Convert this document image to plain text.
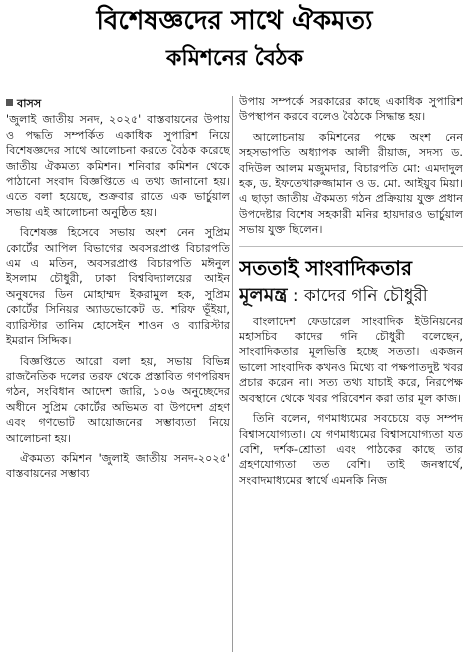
বিশেষজ্ঞদের সাথে ঐকমত্য
কমিশনের বৈঠক
বাসস

'জুলাই জাতীয় সনদ, ২০২৫' বাস্তবায়নের উপায় ও পদ্ধতি সম্পর্কিত একাধিক সুপারিশ নিয়ে বিশেষজ্ঞদের সাথে আলোচনা করতে বৈঠক করেছে জাতীয় ঐকমত্য কমিশন। শনিবার কমিশন থেকে পাঠানো সংবাদ বিজ্ঞপ্তিতে এ তথ্য জানানো হয়। এতে বলা হয়েছে, শুক্রবার রাতে এক ভার্চুয়াল সভায় এই আলোচনা অনুষ্ঠিত হয়।

বিশেষজ্ঞ হিসেবে সভায় অংশ নেন সুপ্রিম কোর্টের আপিল বিভাগের অবসরপ্রাপ্ত বিচারপতি এম এ মতিন, অবসরপ্রাপ্ত বিচারপতি মঈনুল ইসলাম চৌধুরী, ঢাকা বিশ্ববিদ্যালয়ের আইন অনুষদের ডিন মোহাম্মদ ইকরামুল হক, সুপ্রিম কোর্টের সিনিয়র অ্যাডভোকেট ড. শরিফ ভূঁইয়া, ব্যারিস্টার তানিম হোসেইন শাওন ও ব্যারিস্টার ইমরান সিদ্দিক।

বিজ্ঞপ্তিতে আরো বলা হয়, সভায় বিভিন্ন রাজনৈতিক দলের তরফ থেকে প্রস্তাবিত গণপরিষদ গঠন, সংবিধান আদেশ জারি, ১০৬ অনুচ্ছেদের অধীনে সুপ্রিম কোর্টের অভিমত বা উপদেশ গ্রহণ এবং গণভোট আয়োজনের সম্ভাব্যতা নিয়ে আলোচনা হয়।

ঐকমত্য কমিশন 'জুলাই জাতীয় সনদ-২০২৫' বাস্তবায়নের সম্ভাব্য

উপায় সম্পর্কে সরকারের কাছে একাধিক সুপারিশ উপস্থাপন করবে বলেও বৈঠকে সিদ্ধান্ত হয়।

আলোচনায় কমিশনের পক্ষে অংশ নেন সহসভাপতি অধ্যাপক আলী রীয়াজ, সদস্য ড. বদিউল আলম মজুমদার, বিচারপতি মো: এমদাদুল হক, ড. ইফতেখারুজ্জামান ও ড. মো. আইয়ুব মিয়া। এ ছাড়া জাতীয় ঐকমত্য গঠন প্রক্রিয়ায় যুক্ত প্রধান উপদেষ্টার বিশেষ সহকারী মনির হায়দারও ভার্চুয়াল সভায় যুক্ত ছিলেন।

সততাই সাংবাদিকতার
মূলমন্ত্র : কাদের গনি চৌধুরী

বাংলাদেশ ফেডারেল সাংবাদিক ইউনিয়নের মহাসচিব কাদের গনি চৌধুরী বলেছেন, সাংবাদিকতার মূলভিত্তি হচ্ছে সততা। একজন ভালো সাংবাদিক কখনও মিথ্যে বা পক্ষপাতদুষ্ট খবর প্রচার করেন না। সত্য তথ্য যাচাই করে, নিরপেক্ষ অবস্থানে থেকে খবর পরিবেশন করা তার মূল কাজ।

তিনি বলেন, গণমাধ্যমের সবচেয়ে বড় সম্পদ বিশ্বাসযোগ্যতা। যে গণমাধ্যমের বিশ্বাসযোগ্যতা যত বেশি, দর্শক-শ্রোতা এবং পাঠকের কাছে তার গ্রহণযোগ্যতা তত বেশি। তাই জনস্বার্থে, সংবাদমাধ্যমের স্বার্থে এমনকি নিজ
